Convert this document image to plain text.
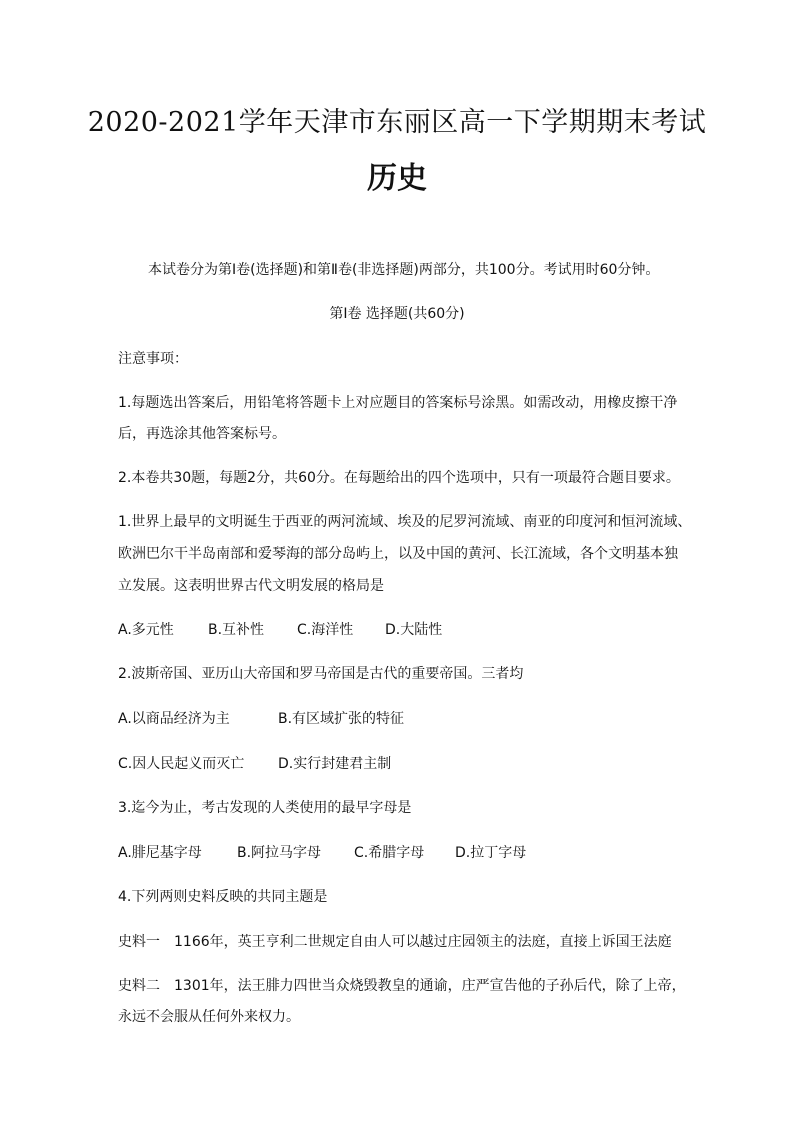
2020-2021学年天津市东丽区高一下学期期末考试
历史
本试卷分为第Ⅰ卷(选择题)和第Ⅱ卷(非选择题)两部分，共100分。考试用时60分钟。
第Ⅰ卷 选择题(共60分)
注意事项：
1.每题选出答案后，用铅笔将答题卡上对应题目的答案标号涂黑。如需改动，用橡皮擦干净
后，再选涂其他答案标号。
2.本卷共30题，每题2分，共60分。在每题给出的四个选项中，只有一项最符合题目要求。
1.世界上最早的文明诞生于西亚的两河流域、埃及的尼罗河流域、南亚的印度河和恒河流域、
欧洲巴尔干半岛南部和爱琴海的部分岛屿上，以及中国的黄河、长江流域，各个文明基本独
立发展。这表明世界古代文明发展的格局是
A.多元性 B.互补性 C.海洋性 D.大陆性
2.波斯帝国、亚历山大帝国和罗马帝国是古代的重要帝国。三者均
A.以商品经济为主	B.有区域扩张的特征
C.因人民起义而灭亡 D.实行封建君主制
3.迄今为止，考古发现的人类使用的最早字母是
A.腓尼基字母	B.阿拉马字母 C.希腊字母 D.拉丁字母
4.下列两则史料反映的共同主题是
史料一 1166年，英王亨利二世规定自由人可以越过庄园领主的法庭，直接上诉国王法庭
史料二 1301年，法王腓力四世当众烧毁教皇的通谕，庄严宣告他的子孙后代，除了上帝，
永远不会服从任何外来权力。
